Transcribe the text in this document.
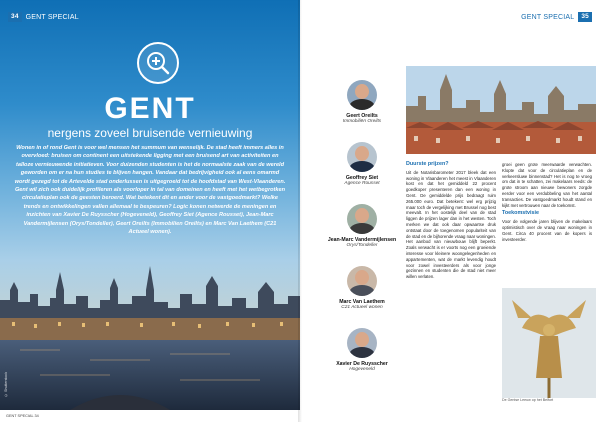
34	GENT SPECIAL
GENT
nergens zoveel bruisende vernieuwing
Wonen in of rond Gent is voor wel mensen het summum van wenselijk. De stad heeft immers alles in overvloed: bruisen om continent een uitstekende ligging met een bruisend art van activiteiten en talloze vernieuwende initiatieven. Voor duizenden studenten is het de normaalste zaak van de wereld geworden om er na hun studies te blijven hangen. Vandaar dat bedrijvigheid ook al eens omarmd wordt gezegd tot de Artevelde stad onderlussen is uitgegroeid tot de hoofdstad van West-Vlaanderen. Gent wil zich ook duidelijk profileren als voorloper in tal van domeinen en heeft met het wetbegrotken circulatieplan ook de geesten beroerd. Wat betekent dit en ander voor de vastgoedmarkt? Welke trends en ontwikkelingen vallen allemaal te bespeuren? Logic konen netwerde de meningen en inzichten van Xavier De Ruysscher (Hogeveneld), Geoffrey Siet (Agence Rousset), Jean-Marc Vandermijlensen (Orys/Tondeller), Geert Oreilts (Immobilien Oreilts) en Marc Van Laethem (C21 Actueel wonen).
© Shutterstock
GENT SPECIAL 34
GENT SPECIAL	35
Geert Oreilts
Immobiliën Oreilts
Geoffrey Siet
Agence Rousset
Jean-Marc Vandermijlensen
Orys/Tondeller
Marc Van Laethem
C21 Actueel wonen
Xavier De Ruysscher
Hogeveneld
Duurste prijzen?

Uit de Notarisbarometer 2017 bleek dat een woning in Vlaanderen het meest in Vlaanderen kost en dat het gemiddeld 22 procent goedkoper presenteren dan een woning in Gent. De gemiddelde prijs bedraagt ruim 265.000 euro. Dat betekent: wel erg prijzig maar toch de vergelijking met Brussel nog best meevalt. In het oostelijk deel van de stad liggen de prijzen lager dan in het westen. Toch merken we dat ook daar opwaartse druk ontstaat door de toegenomen populariteit van de stad en de bijhorende vraag naar woningen. Het aanbod van nieuwbouw blijft beperkt. Zoals verwacht is er voorts nog een groeiende interesse voor kleinere woongelegenheden en appartementen, wat de markt levendig houdt voor zowel investeerders als voor jonge gezinnen en studenten die de stad niet meer willen verlaten.

groei geen grote meerwaarde verwachten. Klopte dat voor de circulatieplan en de verkeersluwe binnenstad? Het is nog te vroeg om dat in te schatten, zei makelaars reeds: de grote stroom aan nieuwe bewoners zorgde eerder voor een verdubbeling van het aantal transacties. De vastgoedmarkt houdt stand en kijkt met vertrouwen naar de toekomst.

Toekomstvisie

Voor de volgende jaren blijven de makelaars optimistisch over de vraag naar woningen in Gent. Circa 40 procent van de kopers is investeerder.

De Gentse Leeuw op het Belfort
